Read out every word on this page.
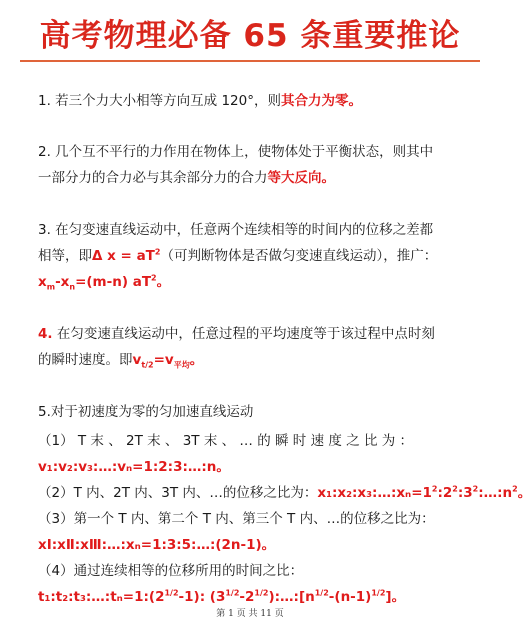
高考物理必备 65 条重要推论
1. 若三个力大小相等方向互成 120°，则其合力为零。
2. 几个互不平行的力作用在物体上，使物体处于平衡状态，则其中
一部分力的合力必与其余部分力的合力等大反向。
3. 在匀变速直线运动中，任意两个连续相等的时间内的位移之差都
相等，即Δ $x = aT^2$（可判断物体是否做匀变速直线运动），推广：
$x_m-x_n=(m-n)$ $aT^2$。
4. 在匀变速直线运动中，任意过程的平均速度等于该过程中点时刻
的瞬时速度。即$v_{t/2}=v_{平均}$。
5.对于初速度为零的匀加速直线运动
（1） T 末 、 2T 末 、 3T 末 、 … 的 瞬 时 速 度 之 比 为 ：
v₁:v₂:v₃:…:vₙ=1:2:3:…:n。
（2）T 内、2T 内、3T 内、…的位移之比为：$x_1:x_2:x_3:\dots:x_n=1^2:2^2:3^2:\dots:n^2$。
（3）第一个 T 内、第二个 T 内、第三个 T 内、…的位移之比为：
xⅠ:xⅡ:xⅢ:…:xₙ=1:3:5:…:(2n-1)。
（4）通过连续相等的位移所用的时间之比：
$t_1:t_2:t_3:\dots:t_n=1:(2^{1/2}-1)$: $(3^{1/2}-2^{1/2}):\dots:[n^{1/2}-(n-1)^{1/2}]$。
第 1 页 共 11 页
